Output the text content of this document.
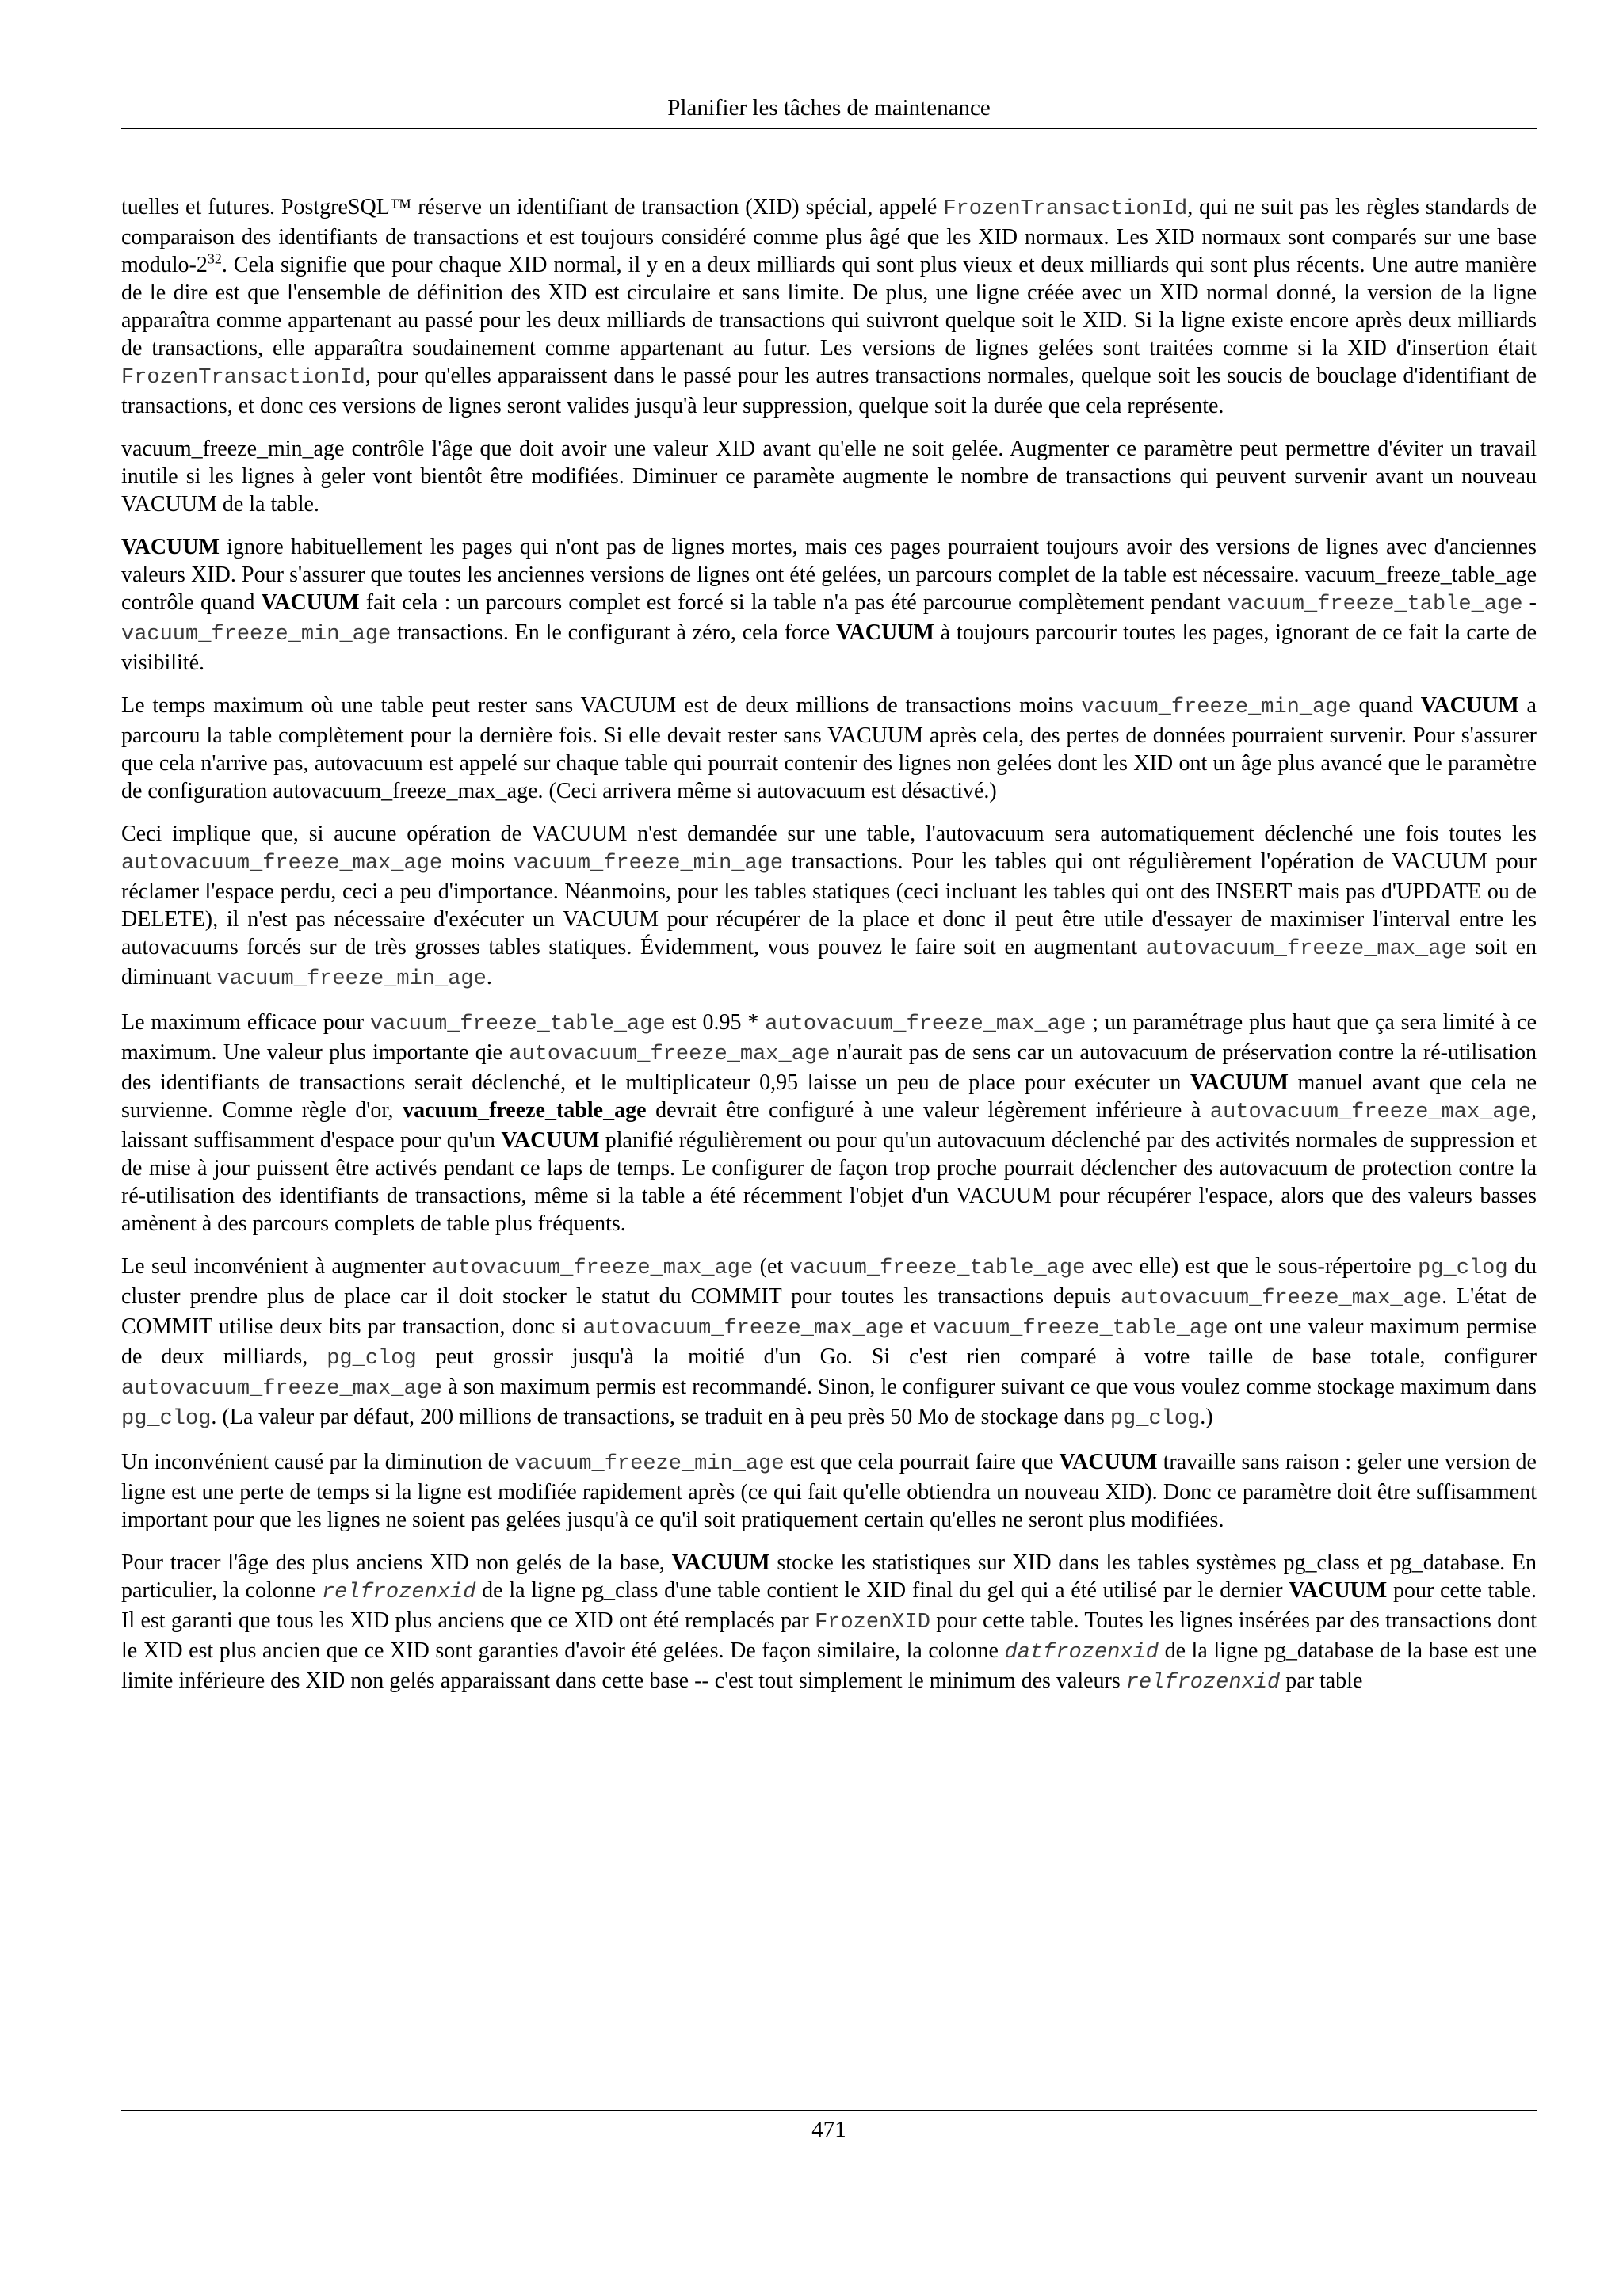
Planifier les tâches de maintenance

tuelles et futures. PostgreSQL™ réserve un identifiant de transaction (XID) spécial, appelé FrozenTransactionId, qui ne suit pas les règles standards de comparaison des identifiants de transactions et est toujours considéré comme plus âgé que les XID normaux. Les XID normaux sont comparés sur une base modulo-$2^{32}$. Cela signifie que pour chaque XID normal, il y en a deux milliards qui sont plus vieux et deux milliards qui sont plus récents. Une autre manière de le dire est que l'ensemble de définition des XID est circulaire et sans limite. De plus, une ligne créée avec un XID normal donné, la version de la ligne apparaîtra comme appartenant au passé pour les deux milliards de transactions qui suivront quelque soit le XID. Si la ligne existe encore après deux milliards de transactions, elle apparaîtra soudainement comme appartenant au futur. Les versions de lignes gelées sont traitées comme si la XID d'insertion était FrozenTransactionId, pour qu'elles apparaissent dans le passé pour les autres transactions normales, quelque soit les soucis de bouclage d'identifiant de transactions, et donc ces versions de lignes seront valides jusqu'à leur suppression, quelque soit la durée que cela représente.

vacuum_freeze_min_age contrôle l'âge que doit avoir une valeur XID avant qu'elle ne soit gelée. Augmenter ce paramètre peut permettre d'éviter un travail inutile si les lignes à geler vont bientôt être modifiées. Diminuer ce paramète augmente le nombre de transactions qui peuvent survenir avant un nouveau VACUUM de la table.

VACUUM ignore habituellement les pages qui n'ont pas de lignes mortes, mais ces pages pourraient toujours avoir des versions de lignes avec d'anciennes valeurs XID. Pour s'assurer que toutes les anciennes versions de lignes ont été gelées, un parcours complet de la table est nécessaire. vacuum_freeze_table_age contrôle quand VACUUM fait cela : un parcours complet est forcé si la table n'a pas été parcourue complètement pendant vacuum_freeze_table_age - vacuum_freeze_min_age transactions. En le configurant à zéro, cela force VACUUM à toujours parcourir toutes les pages, ignorant de ce fait la carte de visibilité.

Le temps maximum où une table peut rester sans VACUUM est de deux millions de transactions moins vacuum_freeze_min_age quand VACUUM a parcouru la table complètement pour la dernière fois. Si elle devait rester sans VACUUM après cela, des pertes de données pourraient survenir. Pour s'assurer que cela n'arrive pas, autovacuum est appelé sur chaque table qui pourrait contenir des lignes non gelées dont les XID ont un âge plus avancé que le paramètre de configuration autovacuum_freeze_max_age. (Ceci arrivera même si autovacuum est désactivé.)

Ceci implique que, si aucune opération de VACUUM n'est demandée sur une table, l'autovacuum sera automatiquement déclenché une fois toutes les autovacuum_freeze_max_age moins vacuum_freeze_min_age transactions. Pour les tables qui ont régulièrement l'opération de VACUUM pour réclamer l'espace perdu, ceci a peu d'importance. Néanmoins, pour les tables statiques (ceci incluant les tables qui ont des INSERT mais pas d'UPDATE ou de DELETE), il n'est pas nécessaire d'exécuter un VACUUM pour récupérer de la place et donc il peut être utile d'essayer de maximiser l'interval entre les autovacuums forcés sur de très grosses tables statiques. Évidemment, vous pouvez le faire soit en augmentant autovacuum_freeze_max_age soit en diminuant vacuum_freeze_min_age.

Le maximum efficace pour vacuum_freeze_table_age est 0.95 * autovacuum_freeze_max_age ; un paramétrage plus haut que ça sera limité à ce maximum. Une valeur plus importante qie autovacuum_freeze_max_age n'aurait pas de sens car un autovacuum de préservation contre la ré-utilisation des identifiants de transactions serait déclenché, et le multiplicateur 0,95 laisse un peu de place pour exécuter un VACUUM manuel avant que cela ne survienne. Comme règle d'or, vacuum_freeze_table_age devrait être configuré à une valeur légèrement inférieure à autovacuum_freeze_max_age, laissant suffisamment d'espace pour qu'un VACUUM planifié régulièrement ou pour qu'un autovacuum déclenché par des activités normales de suppression et de mise à jour puissent être activés pendant ce laps de temps. Le configurer de façon trop proche pourrait déclencher des autovacuum de protection contre la ré-utilisation des identifiants de transactions, même si la table a été récemment l'objet d'un VACUUM pour récupérer l'espace, alors que des valeurs basses amènent à des parcours complets de table plus fréquents.

Le seul inconvénient à augmenter autovacuum_freeze_max_age (et vacuum_freeze_table_age avec elle) est que le sous-répertoire pg_clog du cluster prendre plus de place car il doit stocker le statut du COMMIT pour toutes les transactions depuis autovacuum_freeze_max_age. L'état de COMMIT utilise deux bits par transaction, donc si autovacuum_freeze_max_age et vacuum_freeze_table_age ont une valeur maximum permise de deux milliards, pg_clog peut grossir jusqu'à la moitié d'un Go. Si c'est rien comparé à votre taille de base totale, configurer autovacuum_freeze_max_age à son maximum permis est recommandé. Sinon, le configurer suivant ce que vous voulez comme stockage maximum dans pg_clog. (La valeur par défaut, 200 millions de transactions, se traduit en à peu près 50 Mo de stockage dans pg_clog.)

Un inconvénient causé par la diminution de vacuum_freeze_min_age est que cela pourrait faire que VACUUM travaille sans raison : geler une version de ligne est une perte de temps si la ligne est modifiée rapidement après (ce qui fait qu'elle obtiendra un nouveau XID). Donc ce paramètre doit être suffisamment important pour que les lignes ne soient pas gelées jusqu'à ce qu'il soit pratiquement certain qu'elles ne seront plus modifiées.

Pour tracer l'âge des plus anciens XID non gelés de la base, VACUUM stocke les statistiques sur XID dans les tables systèmes pg_class et pg_database. En particulier, la colonne relfrozenxid de la ligne pg_class d'une table contient le XID final du gel qui a été utilisé par le dernier VACUUM pour cette table. Il est garanti que tous les XID plus anciens que ce XID ont été remplacés par FrozenXID pour cette table. Toutes les lignes insérées par des transactions dont le XID est plus ancien que ce XID sont garanties d'avoir été gelées. De façon similaire, la colonne datfrozenxid de la ligne pg_database de la base est une limite inférieure des XID non gelés apparaissant dans cette base -- c'est tout simplement le minimum des valeurs relfrozenxid par table

471
